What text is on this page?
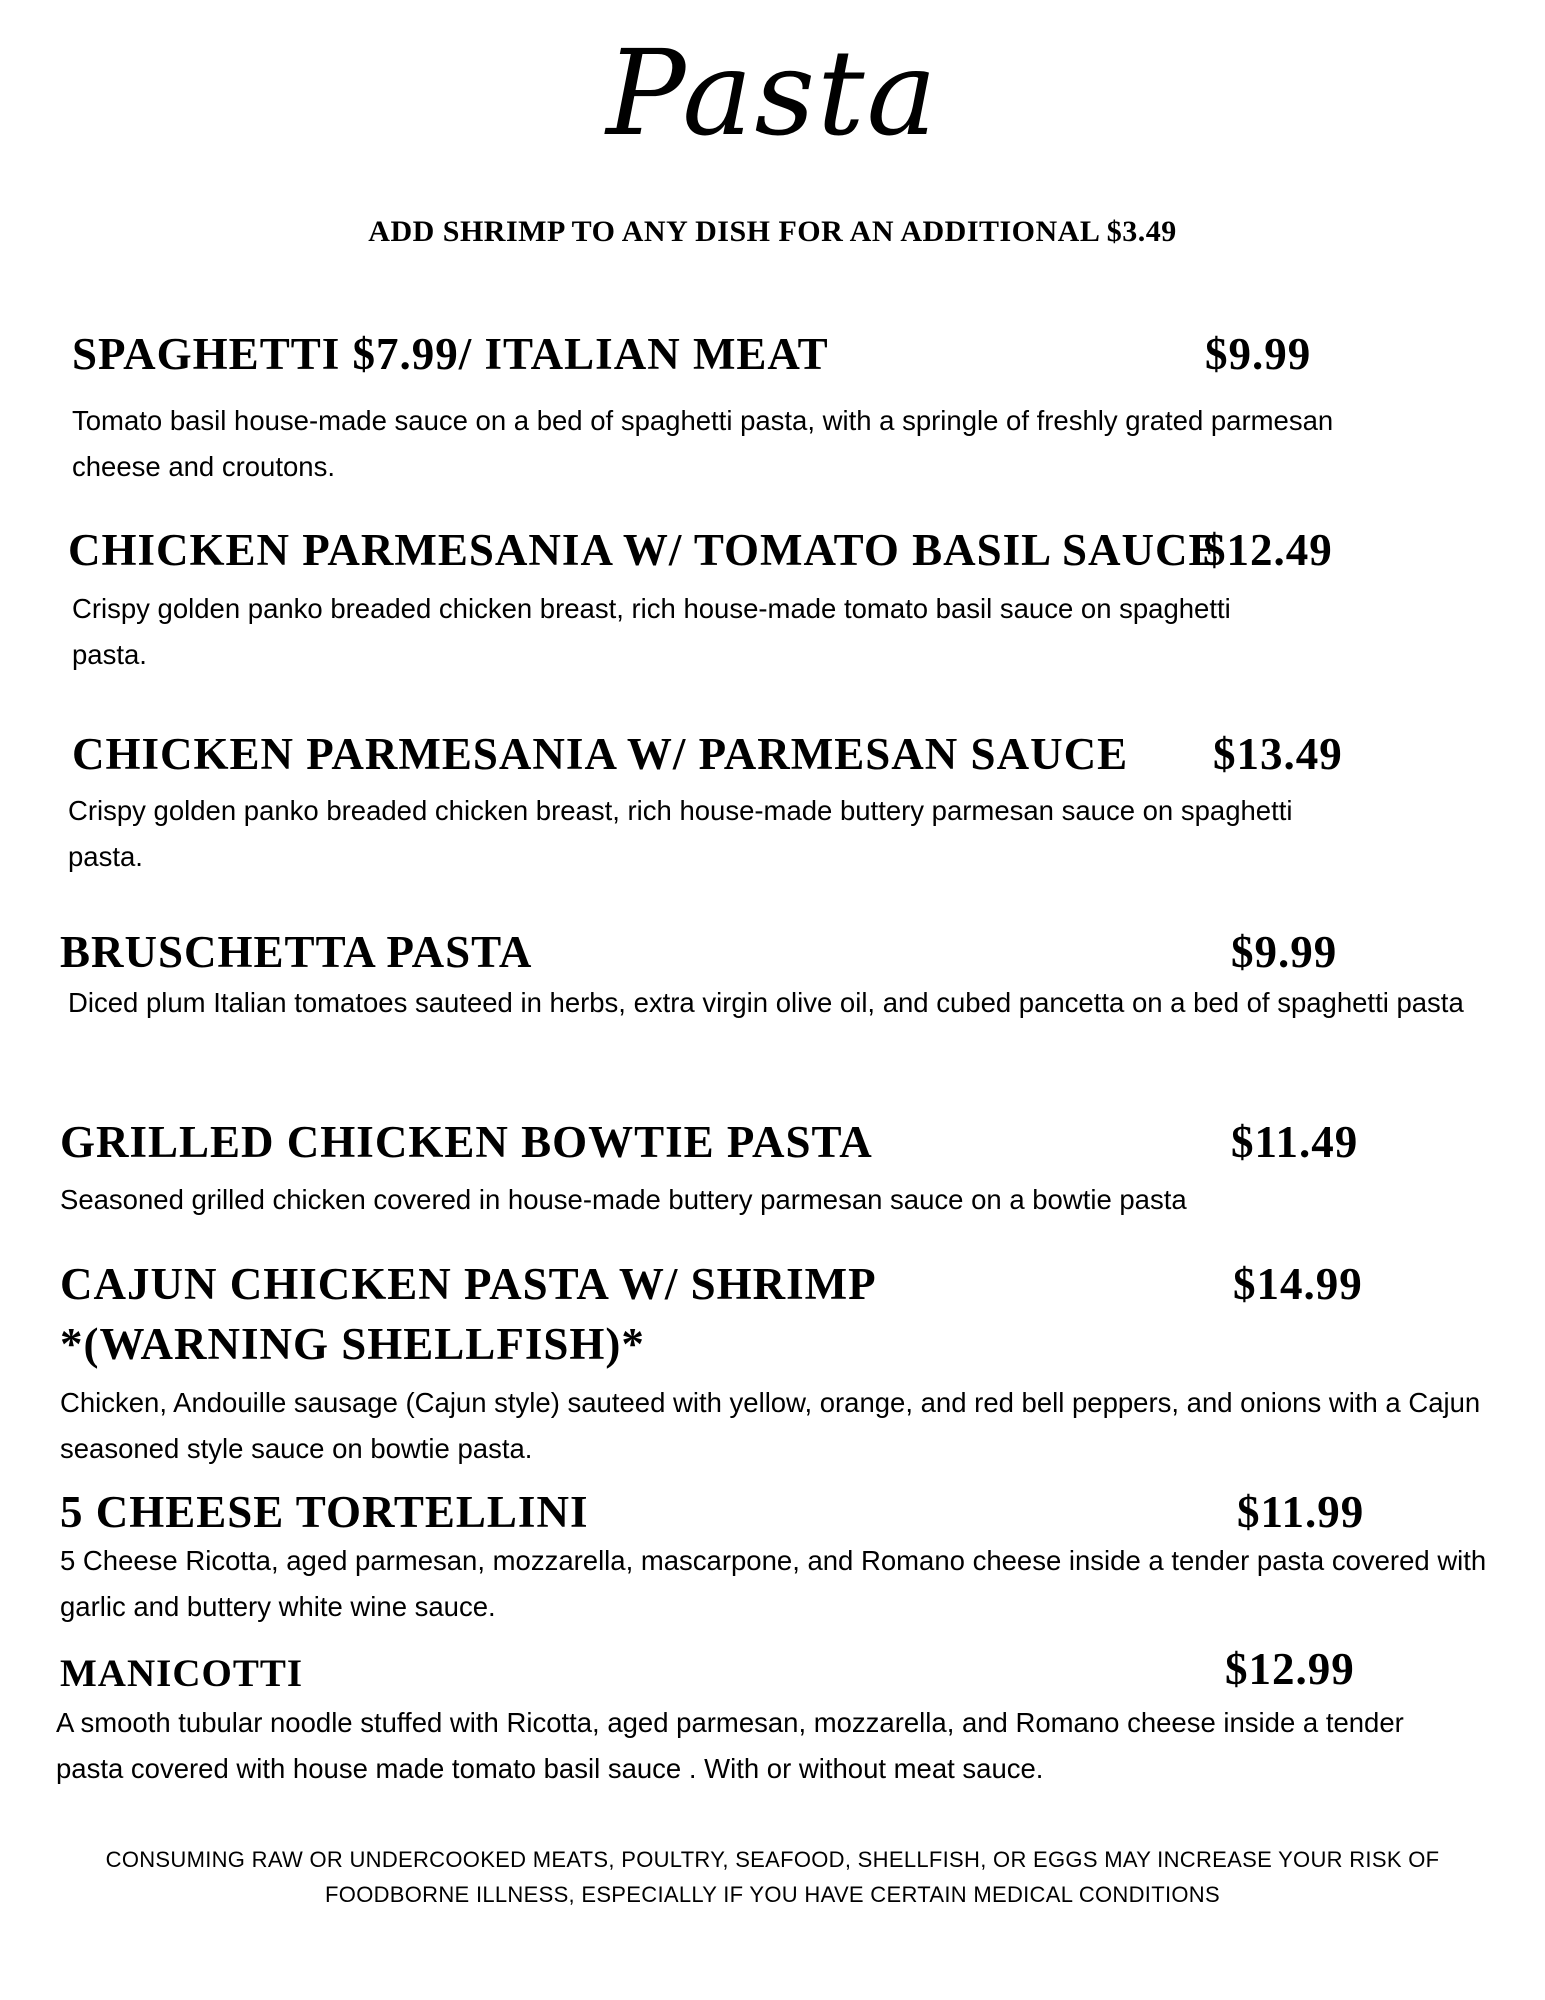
Pasta
ADD SHRIMP TO ANY DISH FOR AN ADDITIONAL $3.49
SPAGHETTI $7.99/ ITALIAN MEAT	$9.99
Tomato basil house-made sauce on a bed of spaghetti pasta, with a springle of freshly grated parmesan cheese and croutons.
CHICKEN PARMESANIA W/ TOMATO BASIL SAUCE
$12.49
Crispy golden panko breaded chicken breast, rich house-made tomato basil sauce on spaghetti pasta.
CHICKEN PARMESANIA W/ PARMESAN SAUCE $13.49
Crispy golden panko breaded chicken breast, rich house-made buttery parmesan sauce on spaghetti pasta.
BRUSCHETTA PASTA	$9.99
Diced plum Italian tomatoes sauteed in herbs, extra virgin olive oil, and cubed pancetta on a bed of spaghetti pasta
GRILLED CHICKEN BOWTIE PASTA	$11.49
Seasoned grilled chicken covered in house-made buttery parmesan sauce on a bowtie pasta
CAJUN CHICKEN PASTA W/ SHRIMP	$14.99
*(WARNING SHELLFISH)*
Chicken, Andouille sausage (Cajun style) sauteed with yellow, orange, and red bell peppers, and onions with a Cajun seasoned style sauce on bowtie pasta.
5 CHEESE TORTELLINI	$11.99
5 Cheese Ricotta, aged parmesan, mozzarella, mascarpone, and Romano cheese inside a tender pasta covered with garlic and buttery white wine sauce.
MANICOTTI	$12.99
A smooth tubular noodle stuffed with Ricotta, aged parmesan, mozzarella, and Romano cheese inside a tender pasta covered with house made tomato basil sauce . With or without meat sauce.
CONSUMING RAW OR UNDERCOOKED MEATS, POULTRY, SEAFOOD, SHELLFISH, OR EGGS MAY INCREASE YOUR RISK OF FOODBORNE ILLNESS, ESPECIALLY IF YOU HAVE CERTAIN MEDICAL CONDITIONS
